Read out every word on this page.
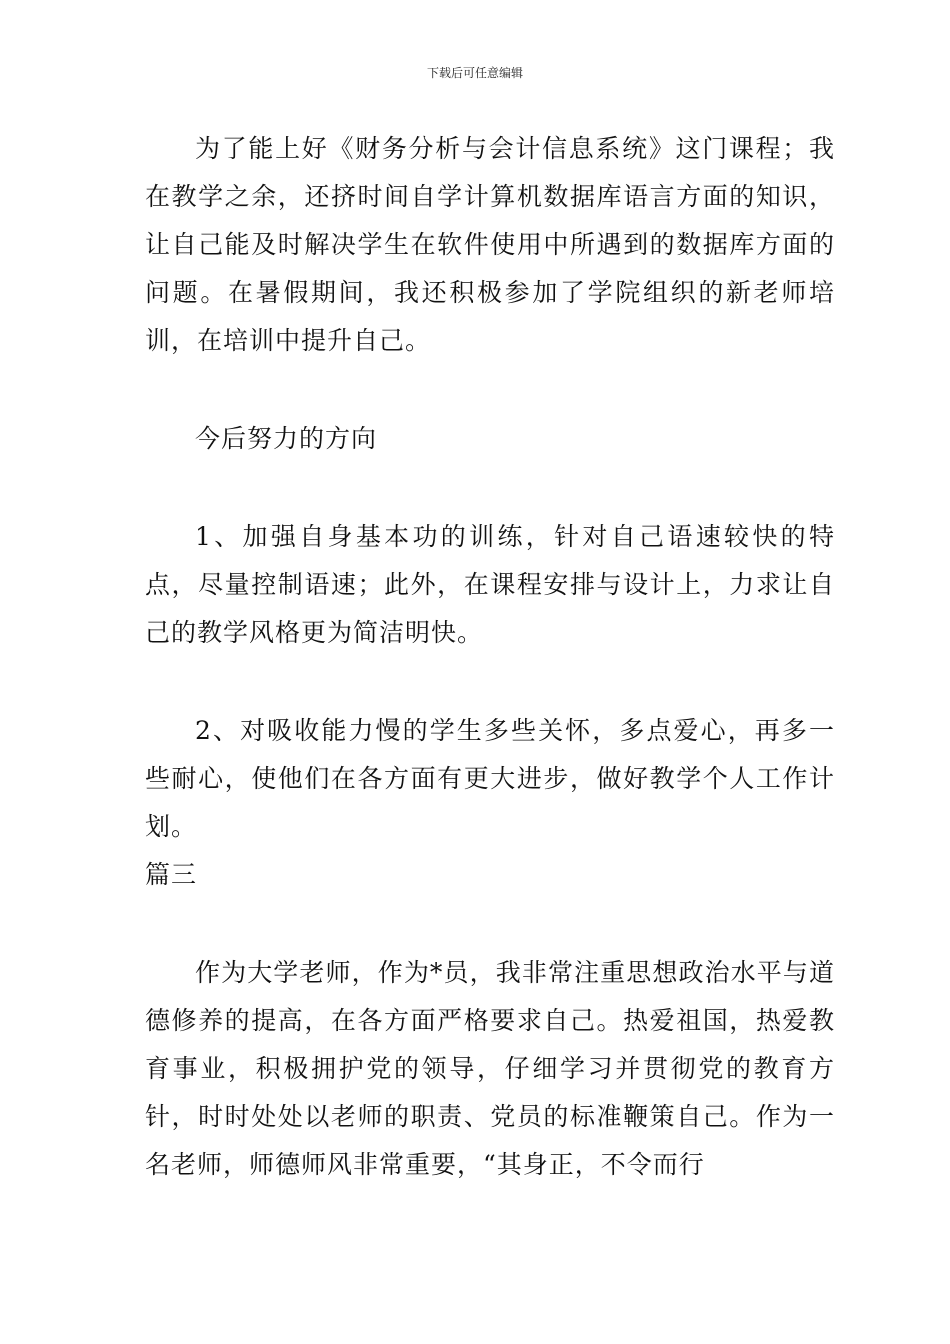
下载后可任意编辑

为了能上好《财务分析与会计信息系统》这门课程；我在教学之余，还挤时间自学计算机数据库语言方面的知识，让自己能及时解决学生在软件使用中所遇到的数据库方面的问题。在暑假期间，我还积极参加了学院组织的新老师培训，在培训中提升自己。

今后努力的方向

1、加强自身基本功的训练，针对自己语速较快的特点，尽量控制语速；此外，在课程安排与设计上，力求让自己的教学风格更为简洁明快。

2、对吸收能力慢的学生多些关怀，多点爱心，再多一些耐心，使他们在各方面有更大进步，做好教学个人工作计划。

篇三

作为大学老师，作为*员，我非常注重思想政治水平与道德修养的提高，在各方面严格要求自己。热爱祖国，热爱教育事业，积极拥护党的领导，仔细学习并贯彻党的教育方针，时时处处以老师的职责、党员的标准鞭策自己。作为一名老师，师德师风非常重要，“其身正，不令而行
